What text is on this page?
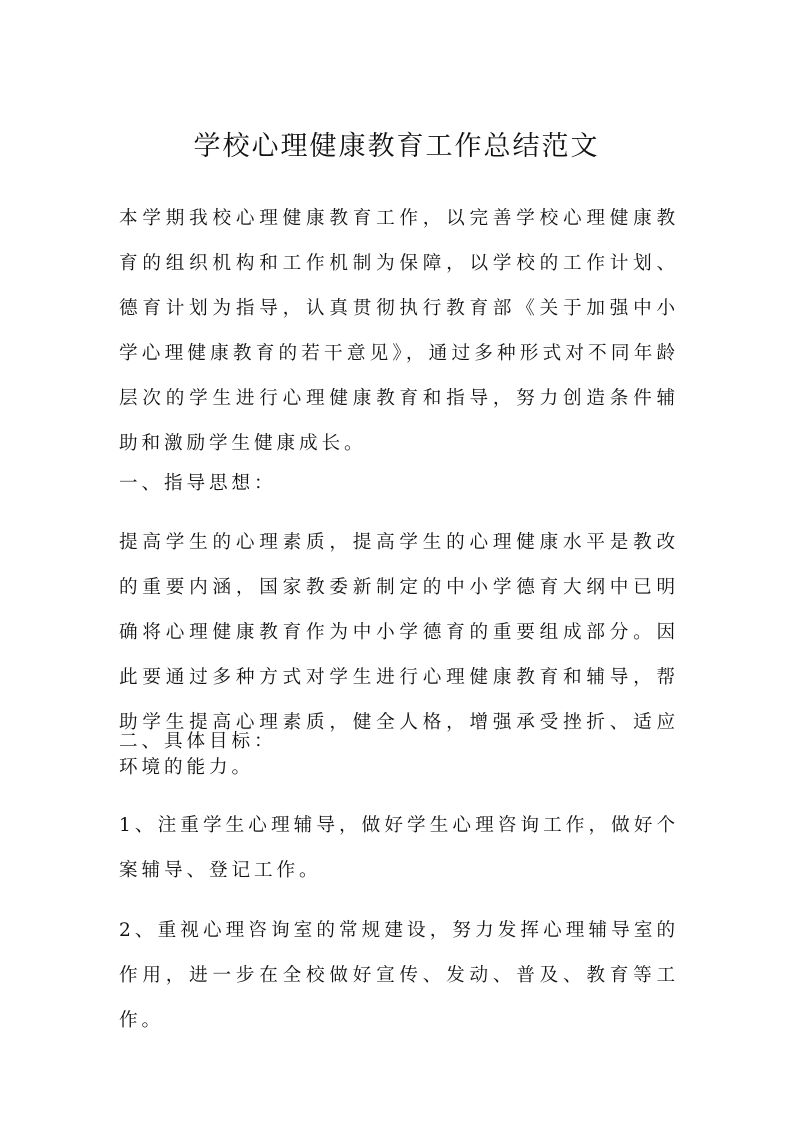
学校心理健康教育工作总结范文

本学期我校心理健康教育工作，以完善学校心理健康教育的组织机构和工作机制为保障，以学校的工作计划、德育计划为指导，认真贯彻执行教育部《关于加强中小学心理健康教育的若干意见》，通过多种形式对不同年龄层次的学生进行心理健康教育和指导，努力创造条件辅助和激励学生健康成长。

一、指导思想：

提高学生的心理素质，提高学生的心理健康水平是教改的重要内涵，国家教委新制定的中小学德育大纲中已明确将心理健康教育作为中小学德育的重要组成部分。因此要通过多种方式对学生进行心理健康教育和辅导，帮助学生提高心理素质，健全人格，增强承受挫折、适应环境的能力。

二、具体目标：

1、注重学生心理辅导，做好学生心理咨询工作，做好个案辅导、登记工作。

2、重视心理咨询室的常规建设，努力发挥心理辅导室的作用，进一步在全校做好宣传、发动、普及、教育等工作。
